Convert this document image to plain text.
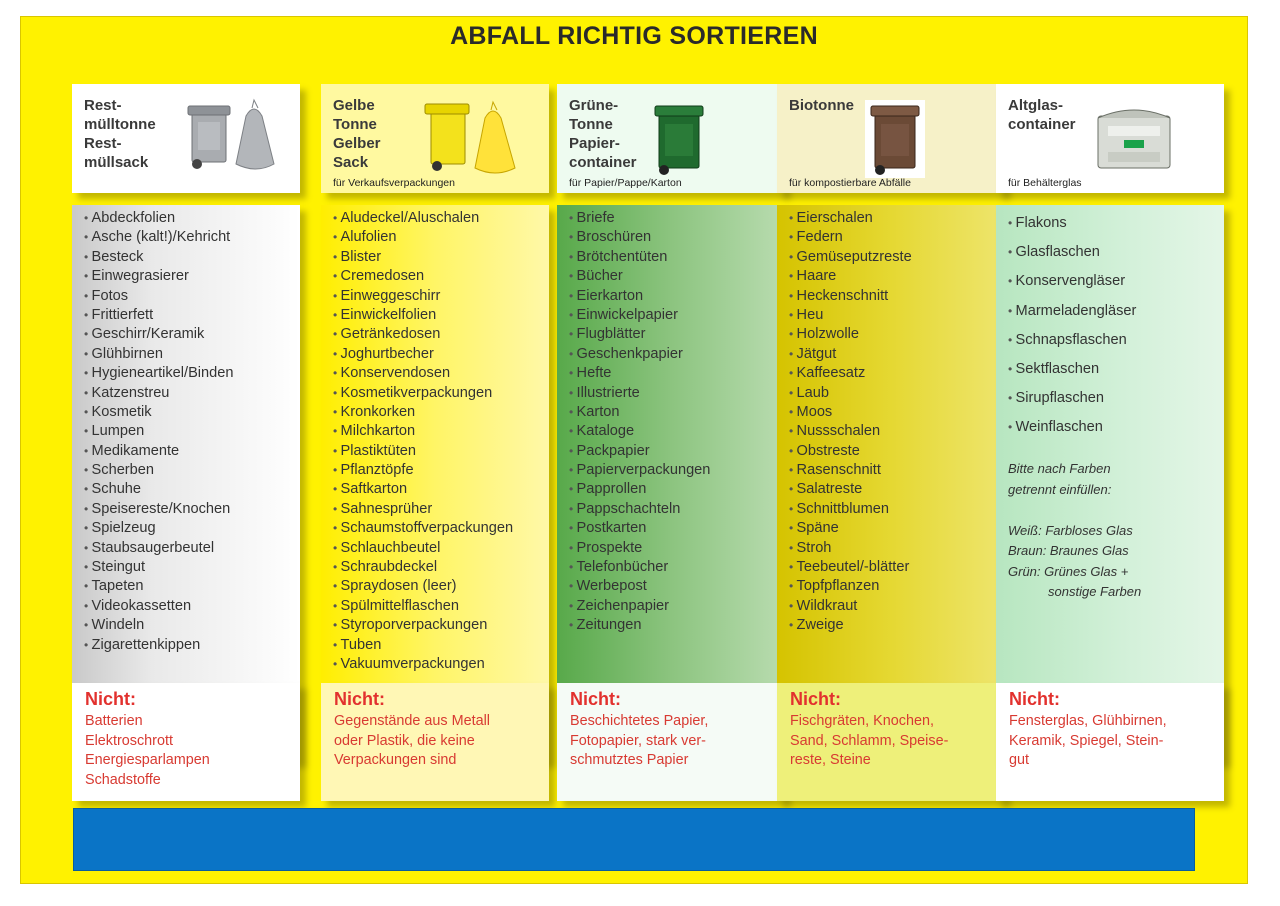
ABFALL RICHTIG SORTIEREN
Rest-
mülltonne
Rest-
müllsack
• Abdeckfolien
• Asche (kalt!)/Kehricht
• Besteck
• Einwegrasierer
• Fotos
• Frittierfett
• Geschirr/Keramik
• Glühbirnen
• Hygieneartikel/Binden
• Katzenstreu
• Kosmetik
• Lumpen
• Medikamente
• Scherben
• Schuhe
• Speisereste/Knochen
• Spielzeug
• Staubsaugerbeutel
• Steingut
• Tapeten
• Videokassetten
• Windeln
• Zigarettenkippen
Nicht:
Batterien
Elektroschrott
Energiesparlampen
Schadstoffe
Gelbe
Tonne
Gelber
Sack
für Verkaufsverpackungen
• Aludeckel/Aluschalen
• Alufolien
• Blister
• Cremedosen
• Einweggeschirr
• Einwickelfolien
• Getränkedosen
• Joghurtbecher
• Konservendosen
• Kosmetikverpackungen
• Kronkorken
• Milchkarton
• Plastiktüten
• Pflanztöpfe
• Saftkarton
• Sahnesprüher
• Schaumstoffverpackungen
• Schlauchbeutel
• Schraubdeckel
• Spraydosen (leer)
• Spülmittelflaschen
• Styroporverpackungen
• Tuben
• Vakuumverpackungen
Nicht:
Gegenstände aus Metall
oder Plastik, die keine
Verpackungen sind
Grüne-
Tonne
Papier-
container
für Papier/Pappe/Karton
• Briefe
• Broschüren
• Brötchentüten
• Bücher
• Eierkarton
• Einwickelpapier
• Flugblätter
• Geschenkpapier
• Hefte
• Illustrierte
• Karton
• Kataloge
• Packpapier
• Papierverpackungen
• Papprollen
• Pappschachteln
• Postkarten
• Prospekte
• Telefonbücher
• Werbepost
• Zeichenpapier
• Zeitungen
Nicht:
Beschichtetes Papier,
Fotopapier, stark ver-
schmutztes Papier
Biotonne
für kompostierbare Abfälle
• Eierschalen
• Federn
• Gemüseputzreste
• Haare
• Heckenschnitt
• Heu
• Holzwolle
• Jätgut
• Kaffeesatz
• Laub
• Moos
• Nussschalen
• Obstreste
• Rasenschnitt
• Salatreste
• Schnittblumen
• Späne
• Stroh
• Teebeutel/-blätter
• Topfpflanzen
• Wildkraut
• Zweige
Nicht:
Fischgräten, Knochen,
Sand, Schlamm, Speise-
reste, Steine
Altglas-
container
für Behälterglas
• Flakons
• Glasflaschen
• Konservengläser
• Marmeladengläser
• Schnapsflaschen
• Sektflaschen
• Sirupflaschen
• Weinflaschen
Bitte nach Farben
getrennt einfüllen:
Weiß: Farbloses Glas
Braun: Braunes Glas
Grün: Grünes Glas +
sonstige Farben
Nicht:
Fensterglas, Glühbirnen,
Keramik, Spiegel, Stein-
gut
